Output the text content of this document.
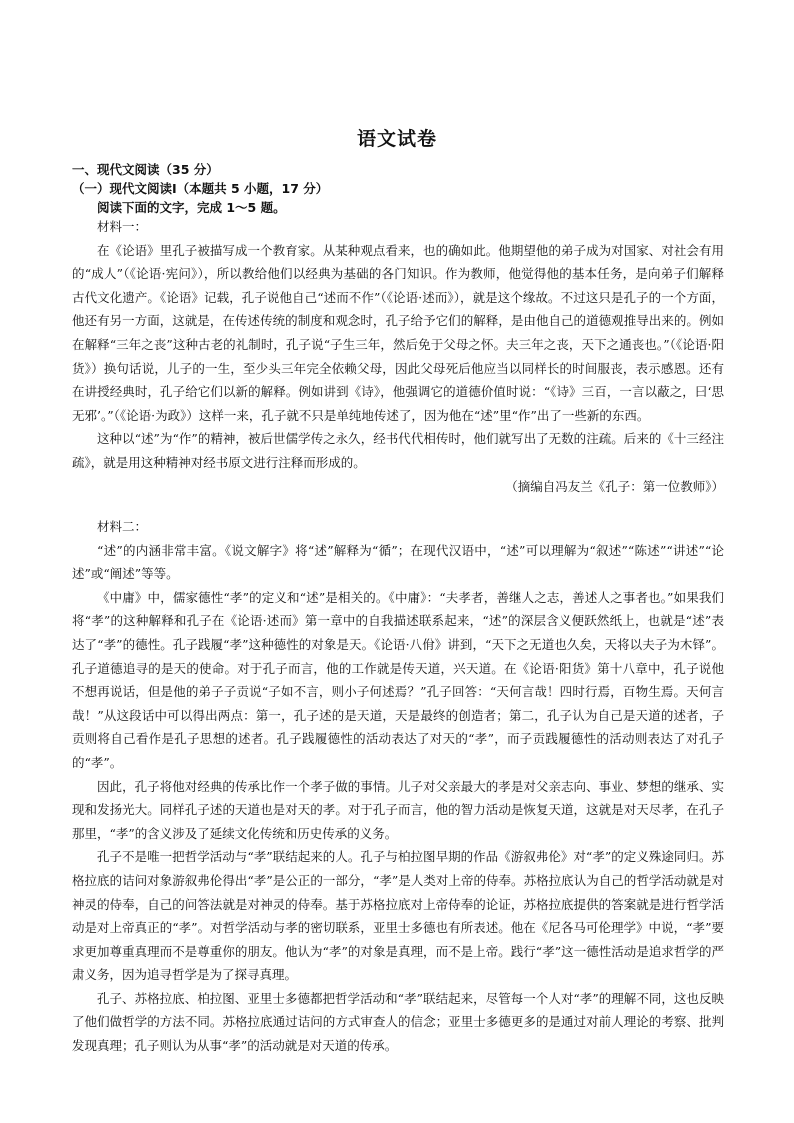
语文试卷
一、现代文阅读（35 分）
（一）现代文阅读Ⅰ（本题共 5 小题，17 分）
阅读下面的文字，完成 1～5 题。

材料一：

在《论语》里孔子被描写成一个教育家。从某种观点看来，也的确如此。他期望他的弟子成为对国家、对社会有用的“成人”（《论语·宪问》），所以教给他们以经典为基础的各门知识。作为教师，他觉得他的基本任务，是向弟子们解释古代文化遗产。《论语》记载，孔子说他自己“述而不作”（《论语·述而》），就是这个缘故。不过这只是孔子的一个方面，他还有另一方面，这就是，在传述传统的制度和观念时，孔子给予它们的解释，是由他自己的道德观推导出来的。例如在解释“三年之丧”这种古老的礼制时，孔子说“子生三年，然后免于父母之怀。夫三年之丧，天下之通丧也。”（《论语·阳货》）换句话说，儿子的一生，至少头三年完全依赖父母，因此父母死后他应当以同样长的时间服丧，表示感恩。还有在讲授经典时，孔子给它们以新的解释。例如讲到《诗》，他强调它的道德价值时说：“《诗》三百，一言以蔽之，曰‘思无邪’。”（《论语·为政》）这样一来，孔子就不只是单纯地传述了，因为他在“述”里“作”出了一些新的东西。

这种以“述”为“作”的精神，被后世儒学传之永久，经书代代相传时，他们就写出了无数的注疏。后来的《十三经注疏》，就是用这种精神对经书原文进行注释而形成的。

（摘编自冯友兰《孔子：第一位教师》）

材料二：

“述”的内涵非常丰富。《说文解字》将“述”解释为“循”；在现代汉语中，“述”可以理解为“叙述”“陈述”“讲述”“论述”或“阐述”等等。

《中庸》中，儒家德性“孝”的定义和“述”是相关的。《中庸》：“夫孝者，善继人之志，善述人之事者也。”如果我们将“孝”的这种解释和孔子在《论语·述而》第一章中的自我描述联系起来，“述”的深层含义便跃然纸上，也就是“述”表达了“孝”的德性。孔子践履“孝”这种德性的对象是天。《论语·八佾》讲到，“天下之无道也久矣，天将以夫子为木铎”。孔子道德追寻的是天的使命。对于孔子而言，他的工作就是传天道，兴天道。在《论语·阳货》第十八章中，孔子说他不想再说话，但是他的弟子子贡说“子如不言，则小子何述焉？”孔子回答：“天何言哉！四时行焉，百物生焉。天何言哉！”从这段话中可以得出两点：第一，孔子述的是天道，天是最终的创造者；第二，孔子认为自己是天道的述者，子贡则将自己看作是孔子思想的述者。孔子践履德性的活动表达了对天的“孝”，而子贡践履德性的活动则表达了对孔子的“孝”。

因此，孔子将他对经典的传承比作一个孝子做的事情。儿子对父亲最大的孝是对父亲志向、事业、梦想的继承、实现和发扬光大。同样孔子述的天道也是对天的孝。对于孔子而言，他的智力活动是恢复天道，这就是对天尽孝，在孔子那里，“孝”的含义涉及了延续文化传统和历史传承的义务。

孔子不是唯一把哲学活动与“孝”联结起来的人。孔子与柏拉图早期的作品《游叙弗伦》对“孝”的定义殊途同归。苏格拉底的诘问对象游叙弗伦得出“孝”是公正的一部分，“孝”是人类对上帝的侍奉。苏格拉底认为自己的哲学活动就是对神灵的侍奉，自己的问答法就是对神灵的侍奉。基于苏格拉底对上帝侍奉的论证，苏格拉底提供的答案就是进行哲学活动是对上帝真正的“孝”。对哲学活动与孝的密切联系，亚里士多德也有所表述。他在《尼各马可伦理学》中说，“孝”要求更加尊重真理而不是尊重你的朋友。他认为“孝”的对象是真理，而不是上帝。践行“孝”这一德性活动是追求哲学的严肃义务，因为追寻哲学是为了探寻真理。

孔子、苏格拉底、柏拉图、亚里士多德都把哲学活动和“孝”联结起来，尽管每一个人对“孝”的理解不同，这也反映了他们做哲学的方法不同。苏格拉底通过诘问的方式审查人的信念；亚里士多德更多的是通过对前人理论的考察、批判发现真理；孔子则认为从事“孝”的活动就是对天道的传承。
